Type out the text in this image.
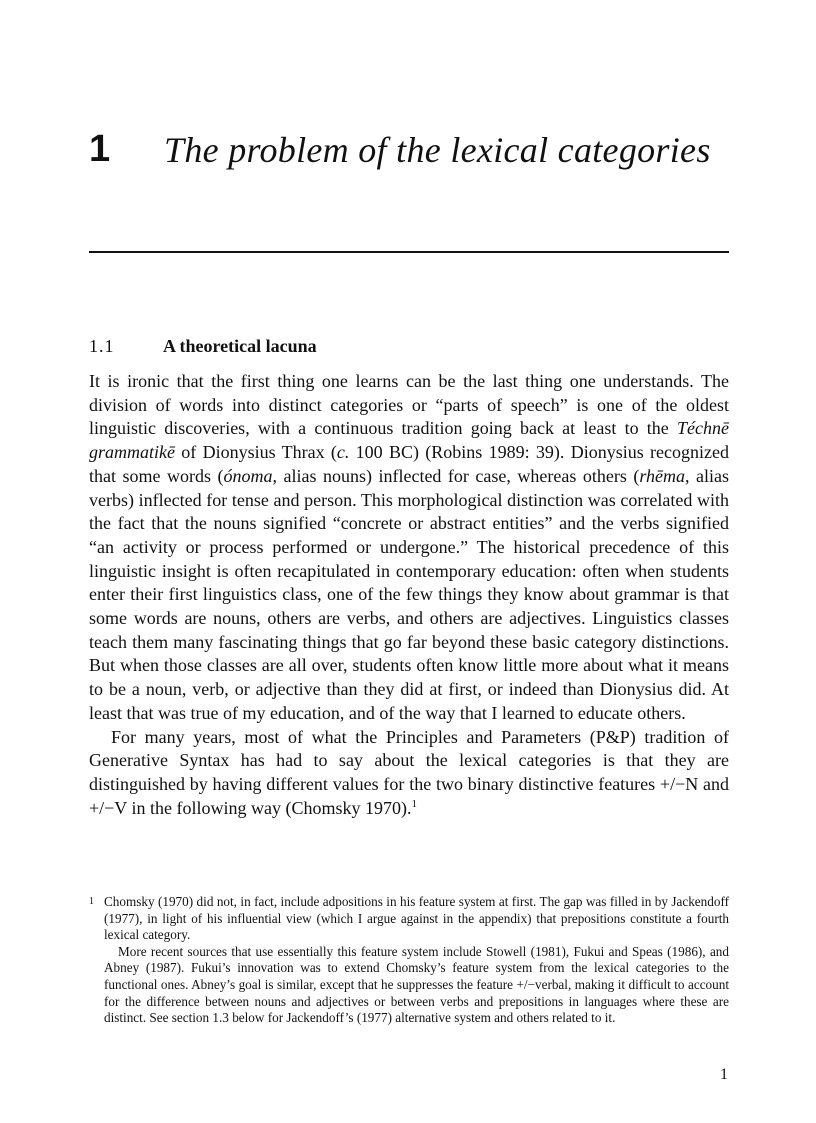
1 The problem of the lexical categories
1.1	A theoretical lacuna

It is ironic that the first thing one learns can be the last thing one understands. The division of words into distinct categories or “parts of speech” is one of the oldest linguistic discoveries, with a continuous tradition going back at least to the Téchnē grammatikē of Dionysius Thrax (c. 100 BC) (Robins 1989: 39). Dionysius recognized that some words (ónoma, alias nouns) inflected for case, whereas others (rhēma, alias verbs) inflected for tense and person. This morphological distinction was correlated with the fact that the nouns signified “concrete or abstract entities” and the verbs signified “an activity or process performed or undergone.” The historical precedence of this linguistic insight is often recapitulated in contemporary education: often when students enter their first linguistics class, one of the few things they know about grammar is that some words are nouns, others are verbs, and others are adjectives. Linguistics classes teach them many fascinating things that go far beyond these basic category distinctions. But when those classes are all over, students often know little more about what it means to be a noun, verb, or adjective than they did at first, or indeed than Dionysius did. At least that was true of my education, and of the way that I learned to educate others.

For many years, most of what the Principles and Parameters (P&P) tradition of Generative Syntax has had to say about the lexical categories is that they are distinguished by having different values for the two binary distinctive features +/−N and +/−V in the following way (Chomsky 1970).$^1$

1 Chomsky (1970) did not, in fact, include adpositions in his feature system at first. The gap was filled in by Jackendoff (1977), in light of his influential view (which I argue against in the appendix) that prepositions constitute a fourth lexical category.

More recent sources that use essentially this feature system include Stowell (1981), Fukui and Speas (1986), and Abney (1987). Fukui’s innovation was to extend Chomsky’s feature system from the lexical categories to the functional ones. Abney’s goal is similar, except that he suppresses the feature +/−verbal, making it difficult to account for the difference between nouns and adjectives or between verbs and prepositions in languages where these are distinct. See section 1.3 below for Jackendoff’s (1977) alternative system and others related to it.

1
